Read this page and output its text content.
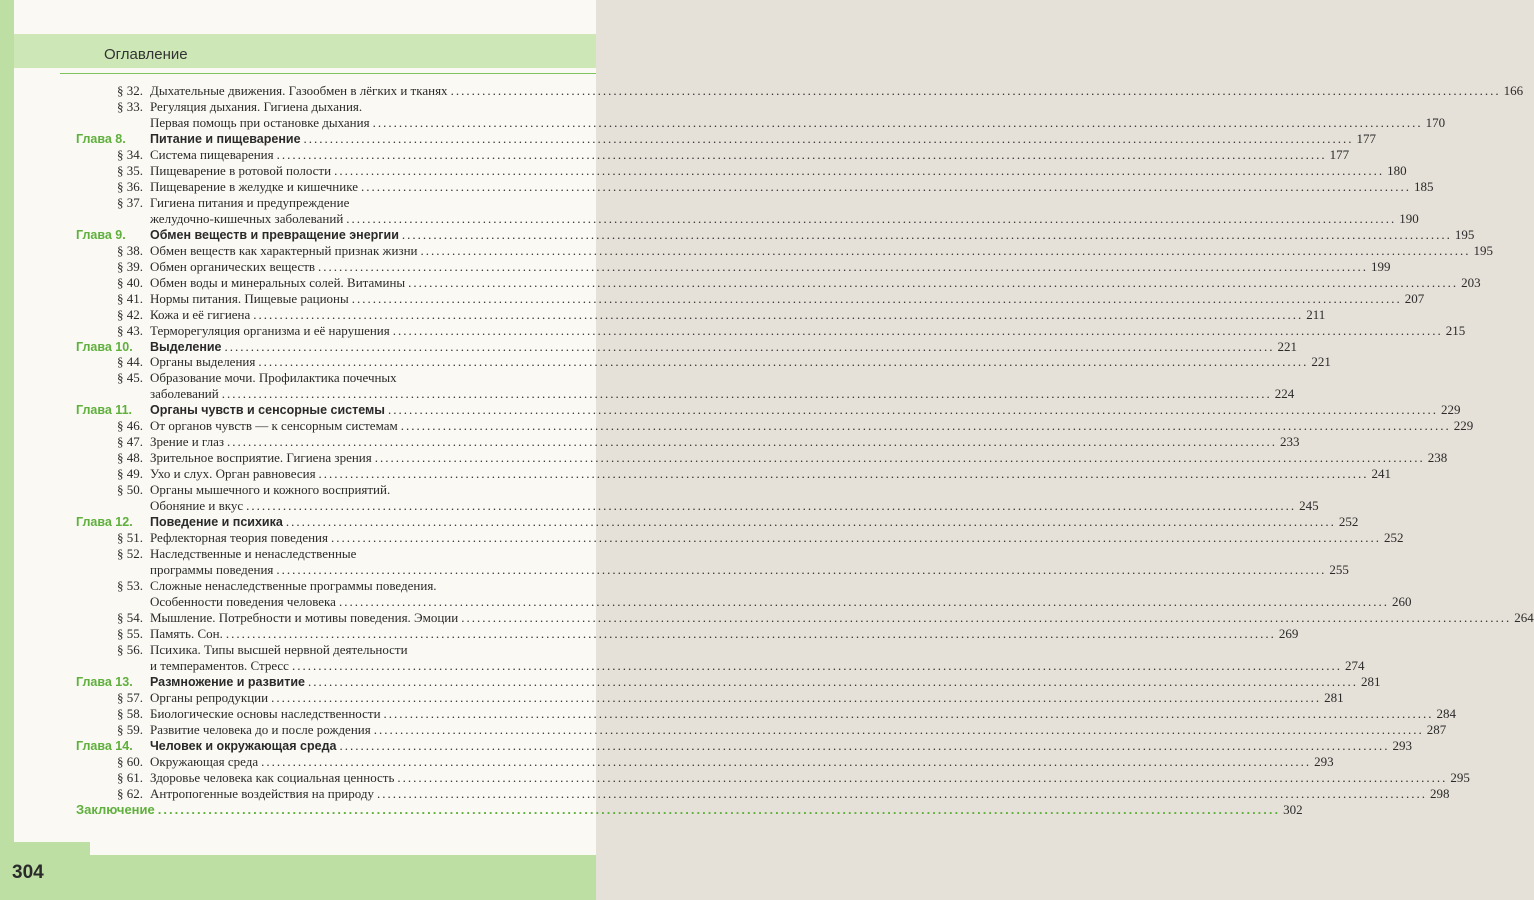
Оглавление
§ 32. Дыхательные движения. Газообмен в лёгких и тканях ........................................................................................................................................................................................................ 166
§ 33. Регуляция дыхания. Гигиена дыхания.
Первая помощь при остановке дыхания ........................................................................................................................................................................................................ 170
Глава 8. Питание и пищеварение ........................................................................................................................................................................................................ 177
§ 34. Система пищеварения ........................................................................................................................................................................................................ 177
§ 35. Пищеварение в ротовой полости ........................................................................................................................................................................................................ 180
§ 36. Пищеварение в желудке и кишечнике ........................................................................................................................................................................................................ 185
§ 37. Гигиена питания и предупреждение
желудочно-кишечных заболеваний ........................................................................................................................................................................................................ 190
Глава 9. Обмен веществ и превращение энергии ........................................................................................................................................................................................................ 195
§ 38. Обмен веществ как характерный признак жизни ........................................................................................................................................................................................................ 195
§ 39. Обмен органических веществ ........................................................................................................................................................................................................ 199
§ 40. Обмен воды и минеральных солей. Витамины ........................................................................................................................................................................................................ 203
§ 41. Нормы питания. Пищевые рационы ........................................................................................................................................................................................................ 207
§ 42. Кожа и её гигиена ........................................................................................................................................................................................................ 211
§ 43. Терморегуляция организма и её нарушения ........................................................................................................................................................................................................ 215
Глава 10. Выделение ........................................................................................................................................................................................................ 221
§ 44. Органы выделения ........................................................................................................................................................................................................ 221
§ 45. Образование мочи. Профилактика почечных
заболеваний ........................................................................................................................................................................................................ 224
Глава 11. Органы чувств и сенсорные системы ........................................................................................................................................................................................................ 229
§ 46. От органов чувств — к сенсорным системам ........................................................................................................................................................................................................ 229
§ 47. Зрение и глаз ........................................................................................................................................................................................................ 233
§ 48. Зрительное восприятие. Гигиена зрения ........................................................................................................................................................................................................ 238
§ 49. Ухо и слух. Орган равновесия ........................................................................................................................................................................................................ 241
§ 50. Органы мышечного и кожного восприятий.
Обоняние и вкус ........................................................................................................................................................................................................ 245
Глава 12. Поведение и психика ........................................................................................................................................................................................................ 252
§ 51. Рефлекторная теория поведения ........................................................................................................................................................................................................ 252
§ 52. Наследственные и ненаследственные
программы поведения ........................................................................................................................................................................................................ 255
§ 53. Сложные ненаследственные программы поведения.
Особенности поведения человека ........................................................................................................................................................................................................ 260
§ 54. Мышление. Потребности и мотивы поведения. Эмоции ........................................................................................................................................................................................................ 264
§ 55. Память. Сон. ........................................................................................................................................................................................................ 269
§ 56. Психика. Типы высшей нервной деятельности
и темпераментов. Стресс ........................................................................................................................................................................................................ 274
Глава 13. Размножение и развитие ........................................................................................................................................................................................................ 281
§ 57. Органы репродукции ........................................................................................................................................................................................................ 281
§ 58. Биологические основы наследственности ........................................................................................................................................................................................................ 284
§ 59. Развитие человека до и после рождения ........................................................................................................................................................................................................ 287
Глава 14. Человек и окружающая среда ........................................................................................................................................................................................................ 293
§ 60. Окружающая среда ........................................................................................................................................................................................................ 293
§ 61. Здоровье человека как социальная ценность ........................................................................................................................................................................................................ 295
§ 62. Антропогенные воздействия на природу ........................................................................................................................................................................................................ 298
Заключение ........................................................................................................................................................................................................ 302
304
